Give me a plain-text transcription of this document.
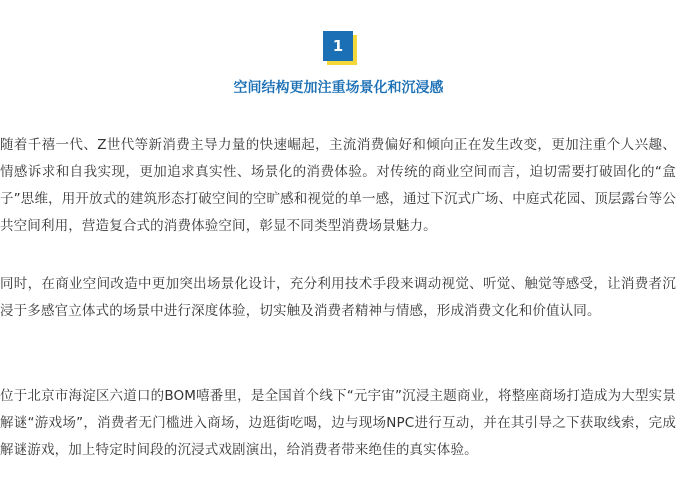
1
空间结构更加注重场景化和沉浸感

随着千禧一代、Z世代等新消费主导力量的快速崛起，主流消费偏好和倾向正在发生改变，更加注重个人兴趣、情感诉求和自我实现，更加追求真实性、场景化的消费体验。对传统的商业空间而言，迫切需要打破固化的“盒子”思维，用开放式的建筑形态打破空间的空旷感和视觉的单一感，通过下沉式广场、中庭式花园、顶层露台等公共空间利用，营造复合式的消费体验空间，彰显不同类型消费场景魅力。

同时，在商业空间改造中更加突出场景化设计，充分利用技术手段来调动视觉、听觉、触觉等感受，让消费者沉浸于多感官立体式的场景中进行深度体验，切实触及消费者精神与情感，形成消费文化和价值认同。

位于北京市海淀区六道口的BOM嘻番里，是全国首个线下“元宇宙”沉浸主题商业，将整座商场打造成为大型实景解谜“游戏场”，消费者无门槛进入商场，边逛街吃喝，边与现场NPC进行互动，并在其引导之下获取线索，完成解谜游戏，加上特定时间段的沉浸式戏剧演出，给消费者带来绝佳的真实体验。
